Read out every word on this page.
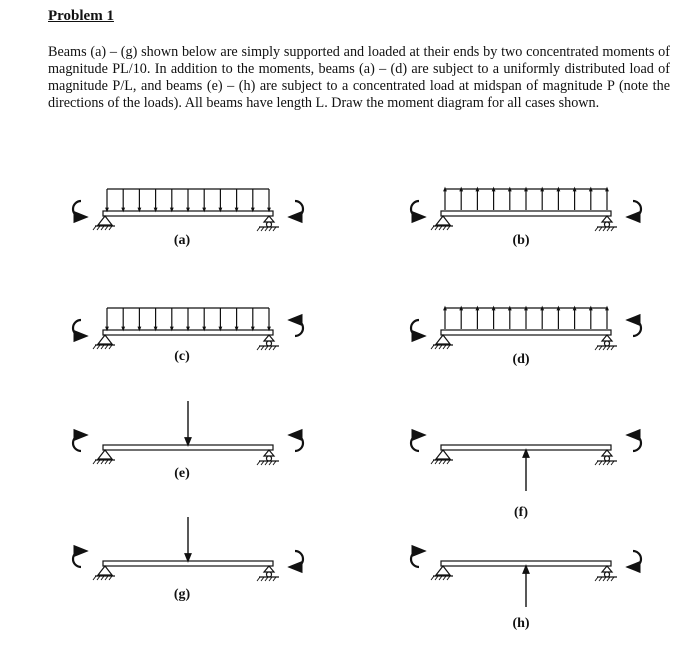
Problem 1
Beams (a) – (g) shown below are simply supported and loaded at their ends by two concentrated moments of magnitude PL/10. In addition to the moments, beams (a) – (d) are subject to a uniformly distributed load of magnitude P/L, and beams (e) – (h) are subject to a concentrated load at midspan of magnitude P (note the directions of the loads). All beams have length L. Draw the moment diagram for all cases shown.
(a)	(b)
(c)	(d)
(e)
(f)
(g)
(h)
